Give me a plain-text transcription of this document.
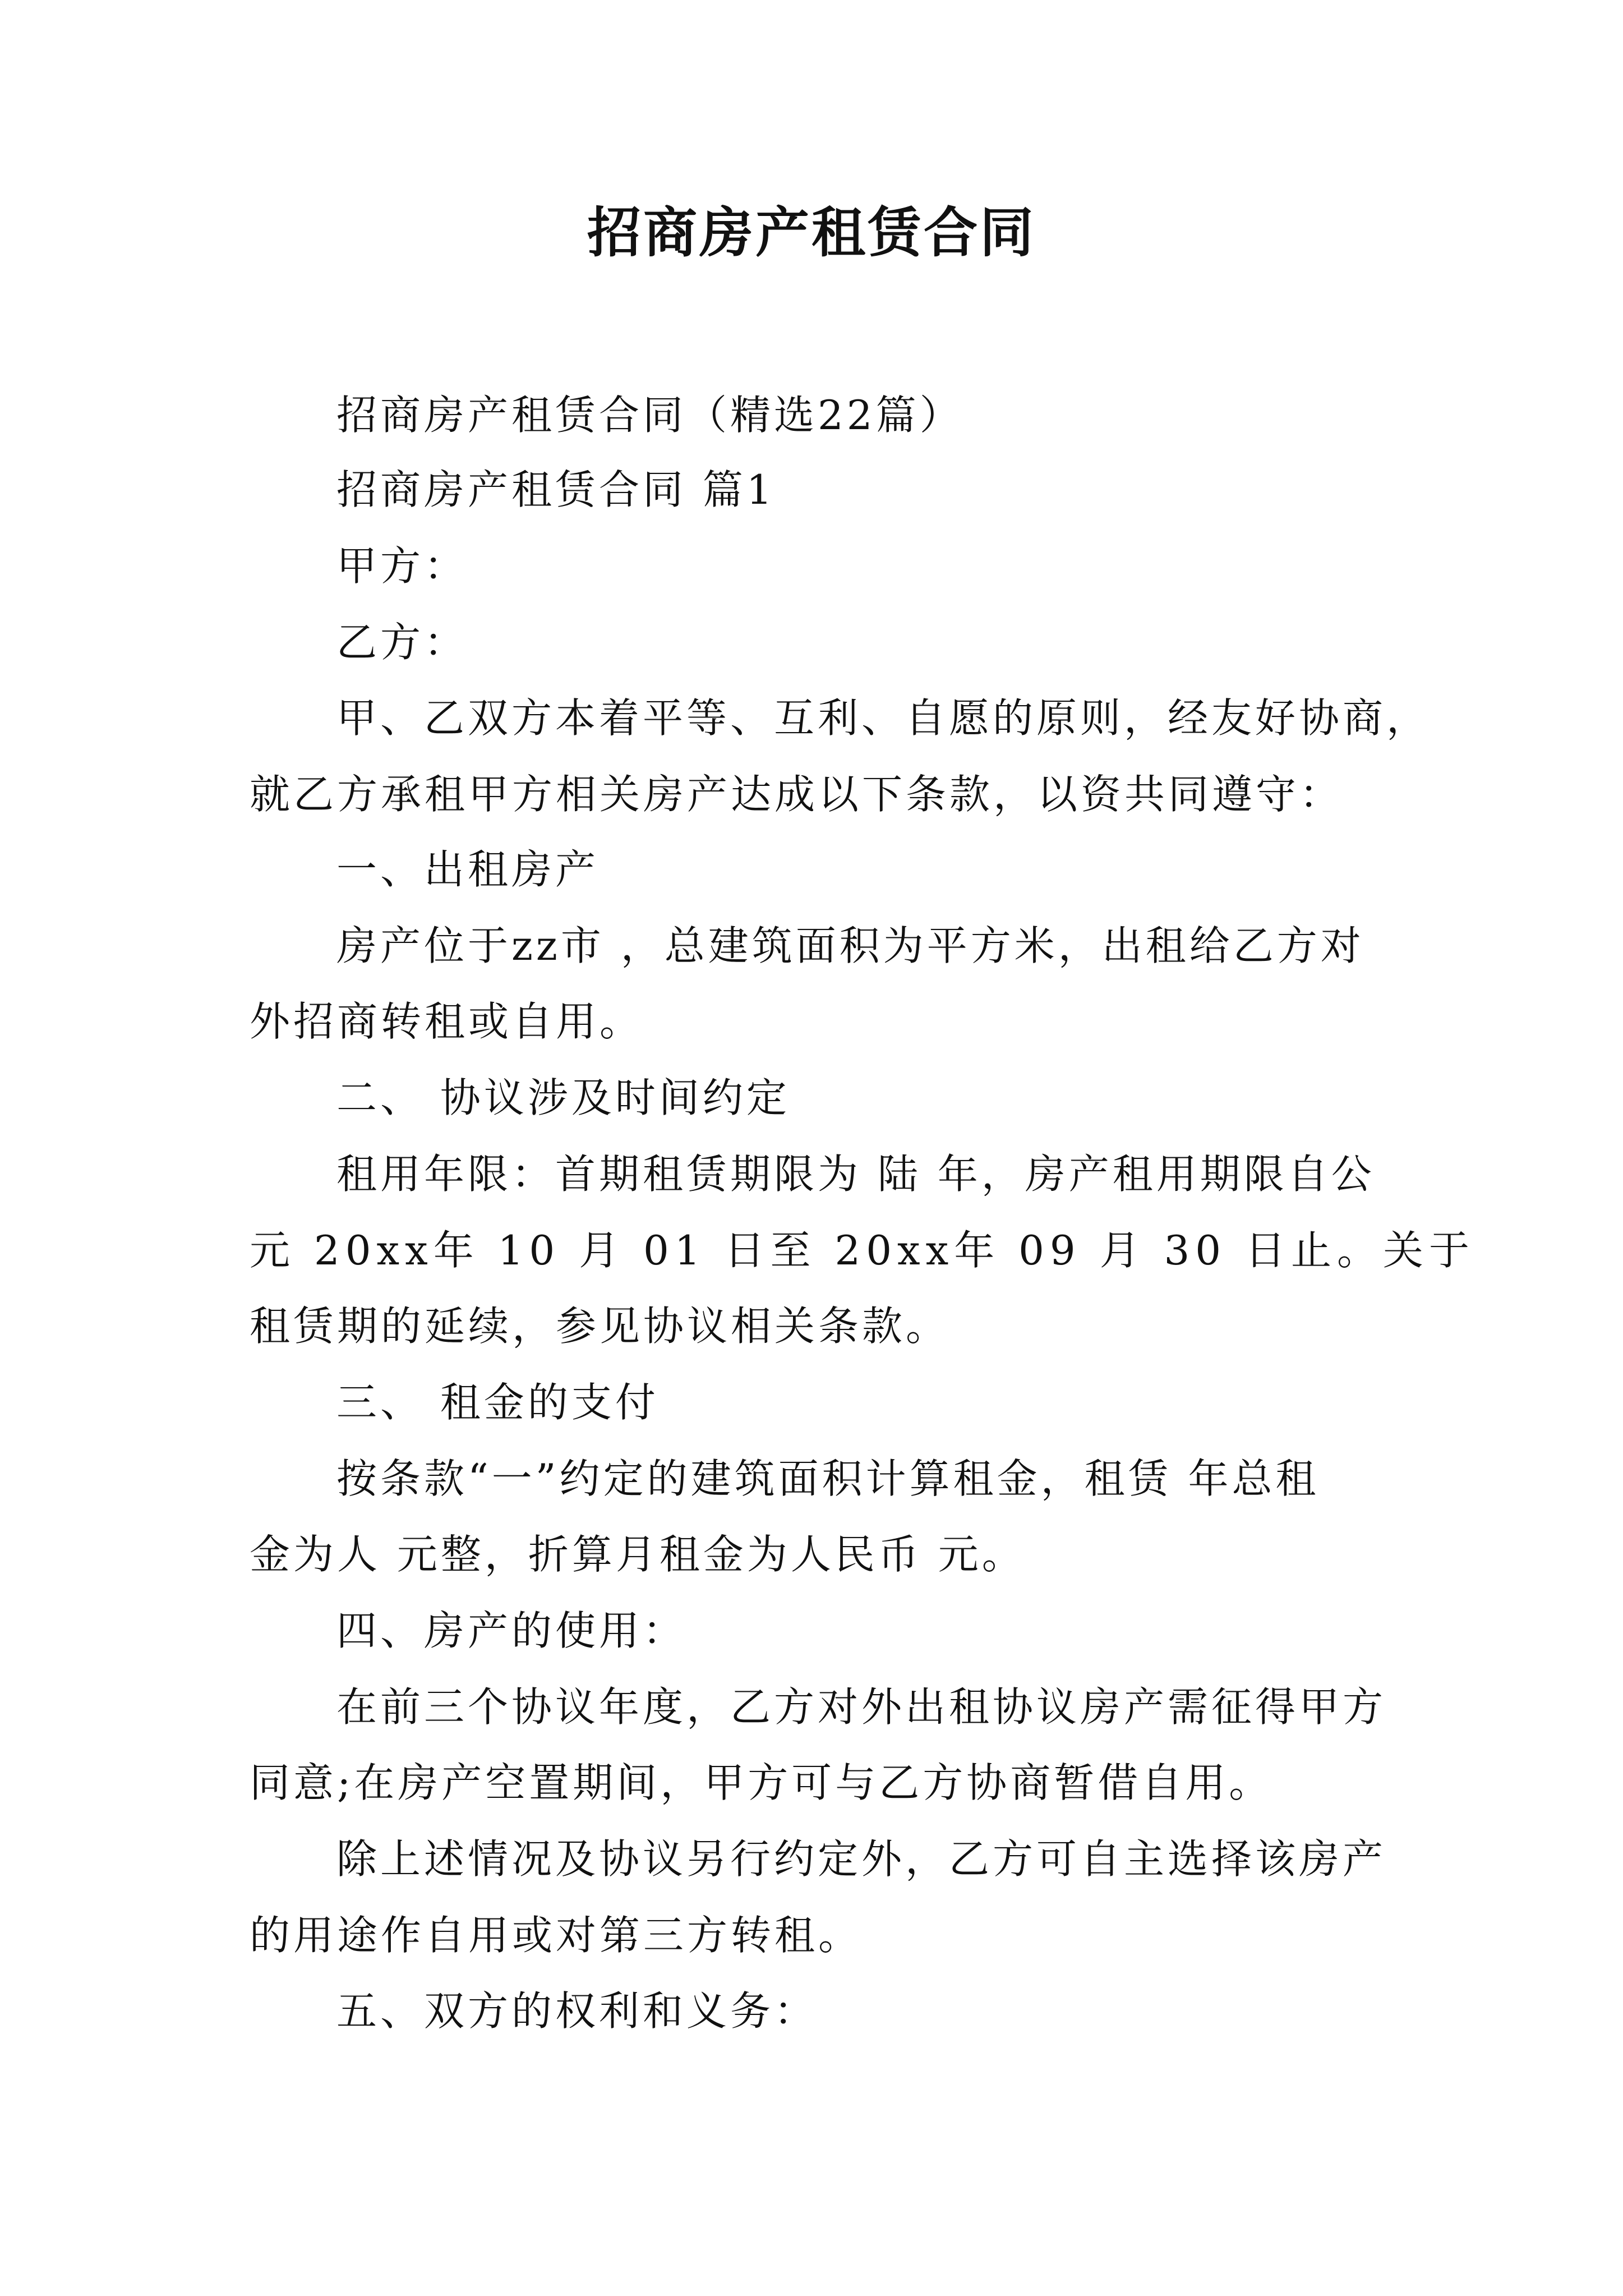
招商房产租赁合同
招商房产租赁合同（精选22篇）
招商房产租赁合同 篇1
甲方：
乙方：
甲、乙双方本着平等、互利、自愿的原则，经友好协商，
就乙方承租甲方相关房产达成以下条款，以资共同遵守：
一、出租房产
房产位于zz市 ，总建筑面积为平方米，出租给乙方对
外招商转租或自用。
二、 协议涉及时间约定
租用年限：首期租赁期限为 陆 年，房产租用期限自公
元 20xx年 10 月 01 日至 20xx年 09 月 30 日止。关于
租赁期的延续，参见协议相关条款。
三、 租金的支付
按条款“一”约定的建筑面积计算租金，租赁 年总租
金为人 元整，折算月租金为人民币 元。
四、房产的使用：
在前三个协议年度，乙方对外出租协议房产需征得甲方
同意;在房产空置期间，甲方可与乙方协商暂借自用。
除上述情况及协议另行约定外，乙方可自主选择该房产
的用途作自用或对第三方转租。
五、双方的权利和义务：
